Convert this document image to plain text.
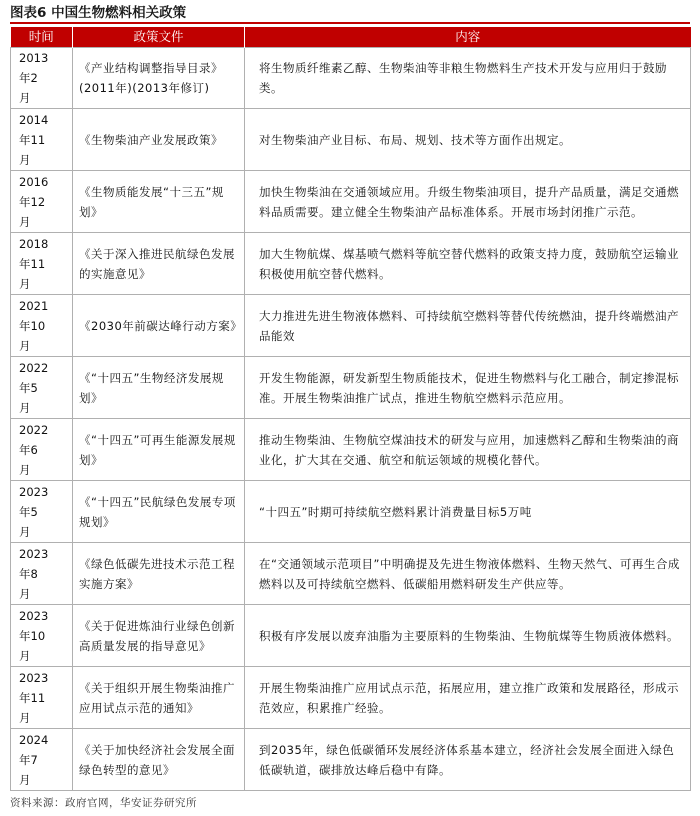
图表6 中国生物燃料相关政策
时间	政策文件	内容

2013
年2
月	《产业结构调整指导目录》(2011年)(2013年修订)	将生物质纤维素乙醇、生物柴油等非粮生物燃料生产技术开发与应用归于鼓励类。

2014
年11
月	《生物柴油产业发展政策》	对生物柴油产业目标、布局、规划、技术等方面作出规定。

2016
年12
月	《生物质能发展“十三五”规划》	加快生物柴油在交通领域应用。升级生物柴油项目，提升产品质量，满足交通燃料品质需要。建立健全生物柴油产品标准体系。开展市场封闭推广示范。

2018
年11
月	《关于深入推进民航绿色发展的实施意见》	加大生物航煤、煤基喷气燃料等航空替代燃料的政策支持力度，鼓励航空运输业积极使用航空替代燃料。

2021
年10
月	《2030年前碳达峰行动方案》	大力推进先进生物液体燃料、可持续航空燃料等替代传统燃油，提升终端燃油产品能效

2022
年5
月	《“十四五”生物经济发展规划》	开发生物能源，研发新型生物质能技术，促进生物燃料与化工融合，制定掺混标准。开展生物柴油推广试点，推进生物航空燃料示范应用。

2022
年6
月	《“十四五”可再生能源发展规划》	推动生物柴油、生物航空煤油技术的研发与应用，加速燃料乙醇和生物柴油的商业化，扩大其在交通、航空和航运领域的规模化替代。

2023
年5
月	《“十四五”民航绿色发展专项规划》	“十四五”时期可持续航空燃料累计消费量目标5万吨

2023
年8
月	《绿色低碳先进技术示范工程实施方案》	在“交通领域示范项目”中明确提及先进生物液体燃料、生物天然气、可再生合成燃料以及可持续航空燃料、低碳船用燃料研发生产供应等。

2023
年10
月	《关于促进炼油行业绿色创新高质量发展的指导意见》	积极有序发展以废弃油脂为主要原料的生物柴油、生物航煤等生物质液体燃料。

2023
年11
月	《关于组织开展生物柴油推广应用试点示范的通知》	开展生物柴油推广应用试点示范，拓展应用，建立推广政策和发展路径，形成示范效应，积累推广经验。

2024
年7
月	《关于加快经济社会发展全面绿色转型的意见》	到2035年，绿色低碳循环发展经济体系基本建立，经济社会发展全面进入绿色低碳轨道，碳排放达峰后稳中有降。
资料来源：政府官网，华安证券研究所
